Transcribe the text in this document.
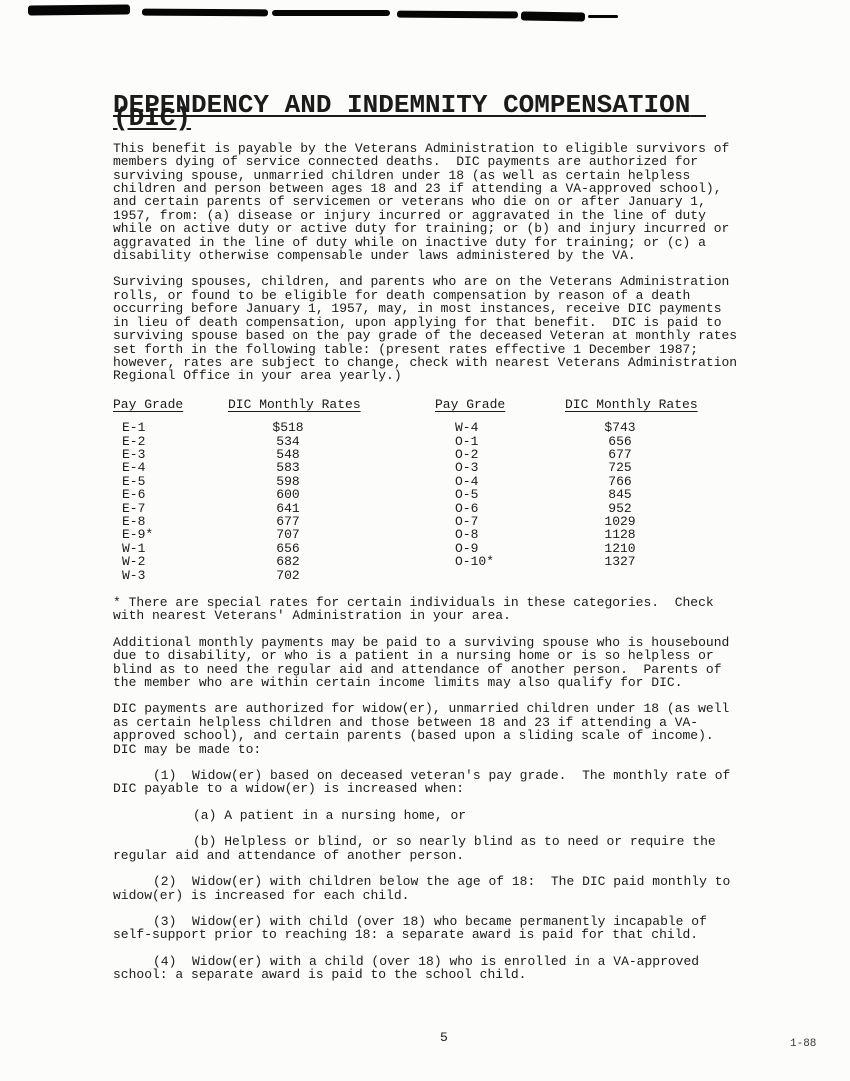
DEPENDENCY AND INDEMNITY COMPENSATION (DIC)

This benefit is payable by the Veterans Administration to eligible survivors of members dying of service connected deaths.  DIC payments are authorized for surviving spouse, unmarried children under 18 (as well as certain helpless children and person between ages 18 and 23 if attending a VA-approved school), and certain parents of servicemen or veterans who die on or after January 1, 1957, from: (a) disease or injury incurred or aggravated in the line of duty while on active duty or active duty for training; or (b) and injury incurred or aggravated in the line of duty while on inactive duty for training; or (c) a disability otherwise compensable under laws administered by the VA.

Surviving spouses, children, and parents who are on the Veterans Administration rolls, or found to be eligible for death compensation by reason of a death occurring before January 1, 1957, may, in most instances, receive DIC payments in lieu of death compensation, upon applying for that benefit.  DIC is paid to surviving spouse based on the pay grade of the deceased Veteran at monthly rates set forth in the following table: (present rates effective 1 December 1987; however, rates are subject to change, check with nearest Veterans Administration Regional Office in your area yearly.)

Pay Grade	DIC Monthly Rates	Pay Grade	DIC Monthly Rates
E-1	$518	W-4	$743
E-2	534	O-1	656
E-3	548	O-2	677
E-4	583	O-3	725
E-5	598	O-4	766
E-6	600	O-5	845
E-7	641	O-6	952
E-8	677	O-7	1029
E-9*	707	O-8	1128
W-1	656	O-9	1210
W-2	682	O-10*	1327
W-3	702

* There are special rates for certain individuals in these categories.  Check with nearest Veterans' Administration in your area.

Additional monthly payments may be paid to a surviving spouse who is housebound due to disability, or who is a patient in a nursing home or is so helpless or blind as to need the regular aid and attendance of another person.  Parents of the member who are within certain income limits may also qualify for DIC.

DIC payments are authorized for widow(er), unmarried children under 18 (as well as certain helpless children and those between 18 and 23 if attending a VA-approved school), and certain parents (based upon a sliding scale of income). DIC may be made to:

(1)  Widow(er) based on deceased veteran's pay grade.  The monthly rate of DIC payable to a widow(er) is increased when:

(a) A patient in a nursing home, or

(b) Helpless or blind, or so nearly blind as to need or require the regular aid and attendance of another person.

(2)  Widow(er) with children below the age of 18:  The DIC paid monthly to widow(er) is increased for each child.

(3)  Widow(er) with child (over 18) who became permanently incapable of self-support prior to reaching 18: a separate award is paid for that child.

(4)  Widow(er) with a child (over 18) who is enrolled in a VA-approved school: a separate award is paid to the school child.

5	1-88
